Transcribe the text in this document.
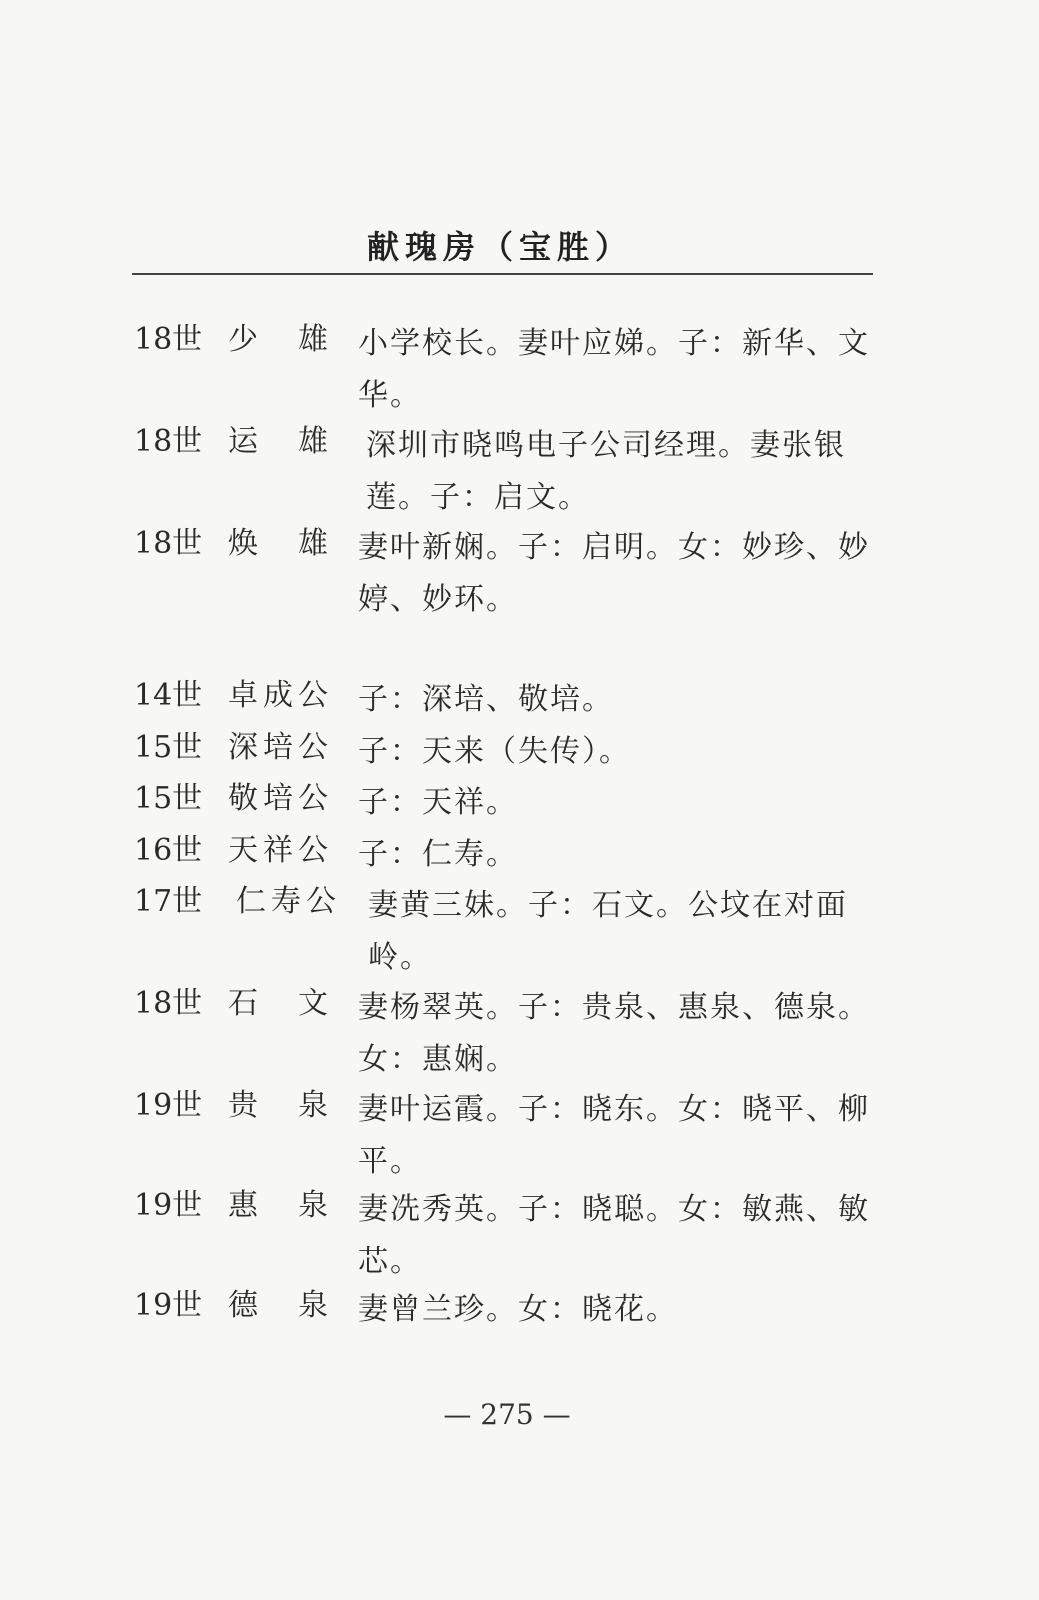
献瑰房（宝胜）
18世 少　雄 小学校长。妻叶应娣。子：新华、文华。
18世 运　雄 深圳市晓鸣电子公司经理。妻张银莲。子：启文。
18世 焕　雄 妻叶新娴。子：启明。女：妙珍、妙婷、妙环。
14世 卓成公 子：深培、敬培。
15世 深培公 子：天来（失传）。
15世 敬培公 子：天祥。
16世 天祥公 子：仁寿。
17世 仁寿公 妻黄三妹。子：石文。公坟在对面岭。
18世 石　文 妻杨翠英。子：贵泉、惠泉、德泉。女：惠娴。
19世 贵　泉 妻叶运霞。子：晓东。女：晓平、柳平。
19世 惠　泉 妻冼秀英。子：晓聪。女：敏燕、敏芯。
19世 德　泉 妻曾兰珍。女：晓花。
— 275 —
